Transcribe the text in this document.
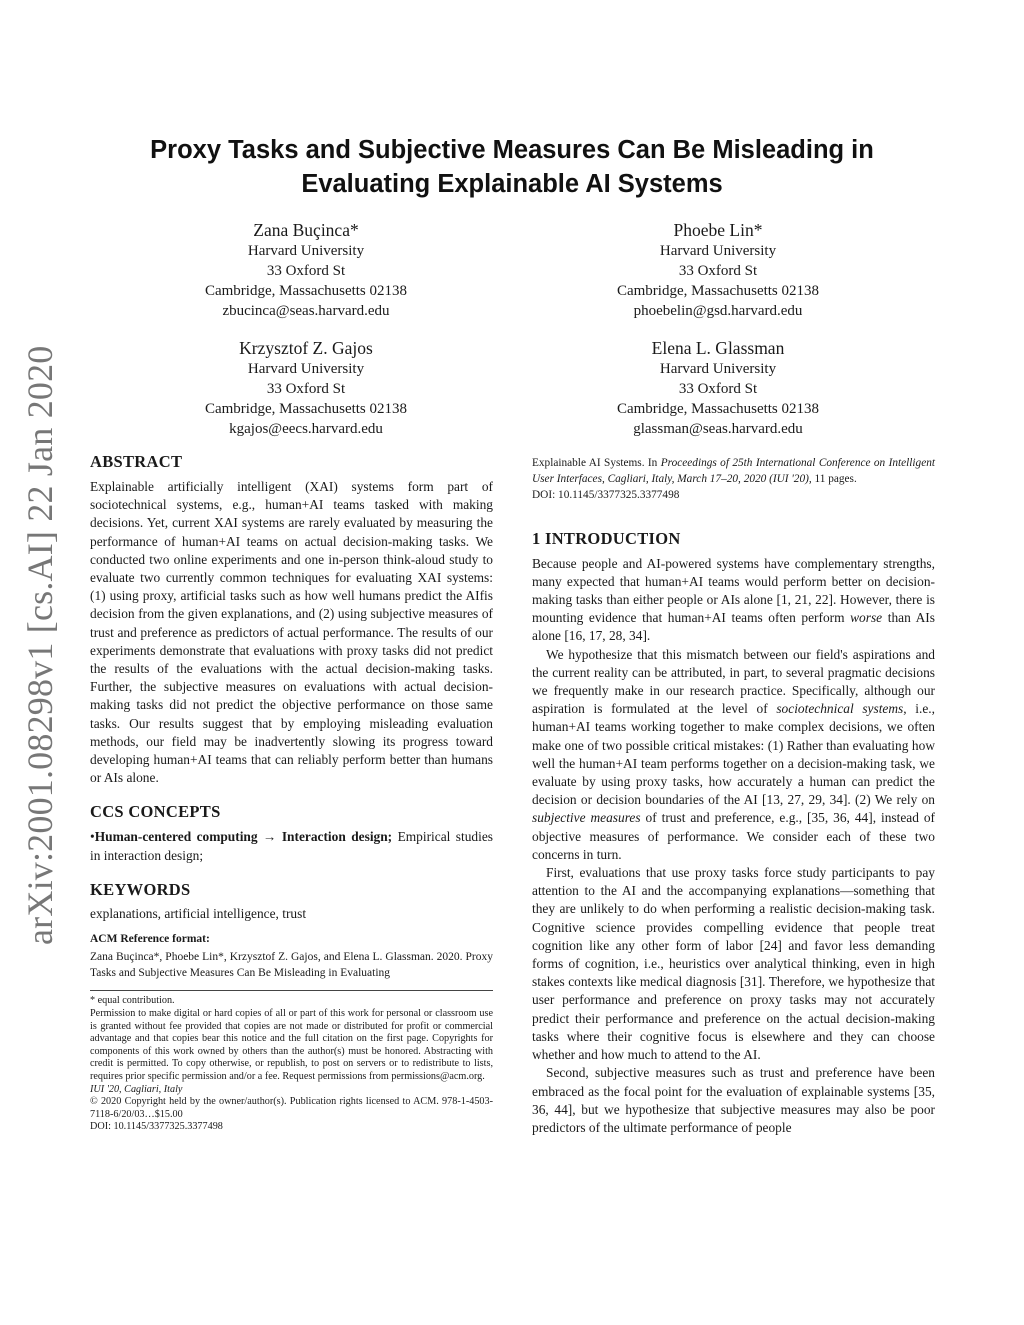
arXiv:2001.08298v1 [cs.AI] 22 Jan 2020
Proxy Tasks and Subjective Measures Can Be Misleading in Evaluating Explainable AI Systems
Zana Buçinca*
Harvard University
33 Oxford St
Cambridge, Massachusetts 02138
zbucinca@seas.harvard.edu
Phoebe Lin*
Harvard University
33 Oxford St
Cambridge, Massachusetts 02138
phoebelin@gsd.harvard.edu
Krzysztof Z. Gajos
Harvard University
33 Oxford St
Cambridge, Massachusetts 02138
kgajos@eecs.harvard.edu
Elena L. Glassman
Harvard University
33 Oxford St
Cambridge, Massachusetts 02138
glassman@seas.harvard.edu
ABSTRACT

Explainable artificially intelligent (XAI) systems form part of sociotechnical systems, e.g., human+AI teams tasked with making decisions. Yet, current XAI systems are rarely evaluated by measuring the performance of human+AI teams on actual decision-making tasks. We conducted two online experiments and one in-person think-aloud study to evaluate two currently common techniques for evaluating XAI systems: (1) using proxy, artificial tasks such as how well humans predict the AIfis decision from the given explanations, and (2) using subjective measures of trust and preference as predictors of actual performance. The results of our experiments demonstrate that evaluations with proxy tasks did not predict the results of the evaluations with the actual decision-making tasks. Further, the subjective measures on evaluations with actual decision-making tasks did not predict the objective performance on those same tasks. Our results suggest that by employing misleading evaluation methods, our field may be inadvertently slowing its progress toward developing human+AI teams that can reliably perform better than humans or AIs alone.

CCS CONCEPTS

•Human-centered computing → Interaction design; Empirical studies in interaction design;

KEYWORDS

explanations, artificial intelligence, trust

ACM Reference format:

Zana Buçinca*, Phoebe Lin*, Krzysztof Z. Gajos, and Elena L. Glassman. 2020. Proxy Tasks and Subjective Measures Can Be Misleading in Evaluating

* equal contribution.

Permission to make digital or hard copies of all or part of this work for personal or classroom use is granted without fee provided that copies are not made or distributed for profit or commercial advantage and that copies bear this notice and the full citation on the first page. Copyrights for components of this work owned by others than the author(s) must be honored. Abstracting with credit is permitted. To copy otherwise, or republish, to post on servers or to redistribute to lists, requires prior specific permission and/or a fee. Request permissions from permissions@acm.org.

IUI '20, Cagliari, Italy

© 2020 Copyright held by the owner/author(s). Publication rights licensed to ACM. 978-1-4503-7118-6/20/03…$15.00

DOI: 10.1145/3377325.3377498

Explainable AI Systems. In Proceedings of 25th International Conference on Intelligent User Interfaces, Cagliari, Italy, March 17–20, 2020 (IUI '20), 11 pages.

DOI: 10.1145/3377325.3377498

1 INTRODUCTION

Because people and AI-powered systems have complementary strengths, many expected that human+AI teams would perform better on decision-making tasks than either people or AIs alone [1, 21, 22]. However, there is mounting evidence that human+AI teams often perform worse than AIs alone [16, 17, 28, 34].

We hypothesize that this mismatch between our field's aspirations and the current reality can be attributed, in part, to several pragmatic decisions we frequently make in our research practice. Specifically, although our aspiration is formulated at the level of sociotechnical systems, i.e., human+AI teams working together to make complex decisions, we often make one of two possible critical mistakes: (1) Rather than evaluating how well the human+AI team performs together on a decision-making task, we evaluate by using proxy tasks, how accurately a human can predict the decision or decision boundaries of the AI [13, 27, 29, 34]. (2) We rely on subjective measures of trust and preference, e.g., [35, 36, 44], instead of objective measures of performance. We consider each of these two concerns in turn.

First, evaluations that use proxy tasks force study participants to pay attention to the AI and the accompanying explanations—something that they are unlikely to do when performing a realistic decision-making task. Cognitive science provides compelling evidence that people treat cognition like any other form of labor [24] and favor less demanding forms of cognition, i.e., heuristics over analytical thinking, even in high stakes contexts like medical diagnosis [31]. Therefore, we hypothesize that user performance and preference on proxy tasks may not accurately predict their performance and preference on the actual decision-making tasks where their cognitive focus is elsewhere and they can choose whether and how much to attend to the AI.

Second, subjective measures such as trust and preference have been embraced as the focal point for the evaluation of explainable systems [35, 36, 44], but we hypothesize that subjective measures may also be poor predictors of the ultimate performance of people
